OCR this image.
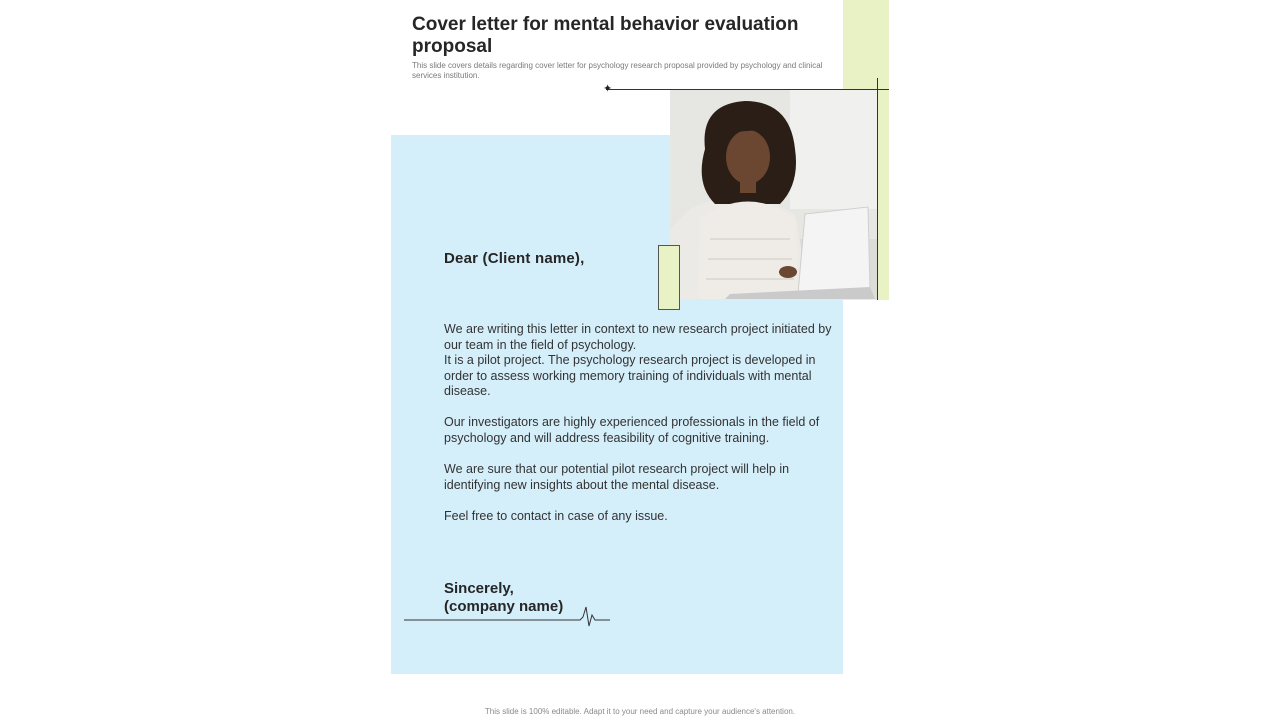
Cover letter for mental behavior evaluation proposal
This slide covers details regarding cover letter for psychology research proposal provided by psychology and clinical services institution.
✦
Dear (Client name),
We are writing this letter in context to new research project initiated by our team in the field of psychology.

It is a pilot project. The psychology research project is developed in order to assess working memory training of individuals with mental disease.

Our investigators are highly experienced professionals in the field of psychology and will address feasibility of cognitive training.

We are sure that our potential pilot research project will help in identifying new insights about the mental disease.

Feel free to contact in case of any issue.

Sincerely,
(company name)
This slide is 100% editable. Adapt it to your need and capture your audience's attention.
